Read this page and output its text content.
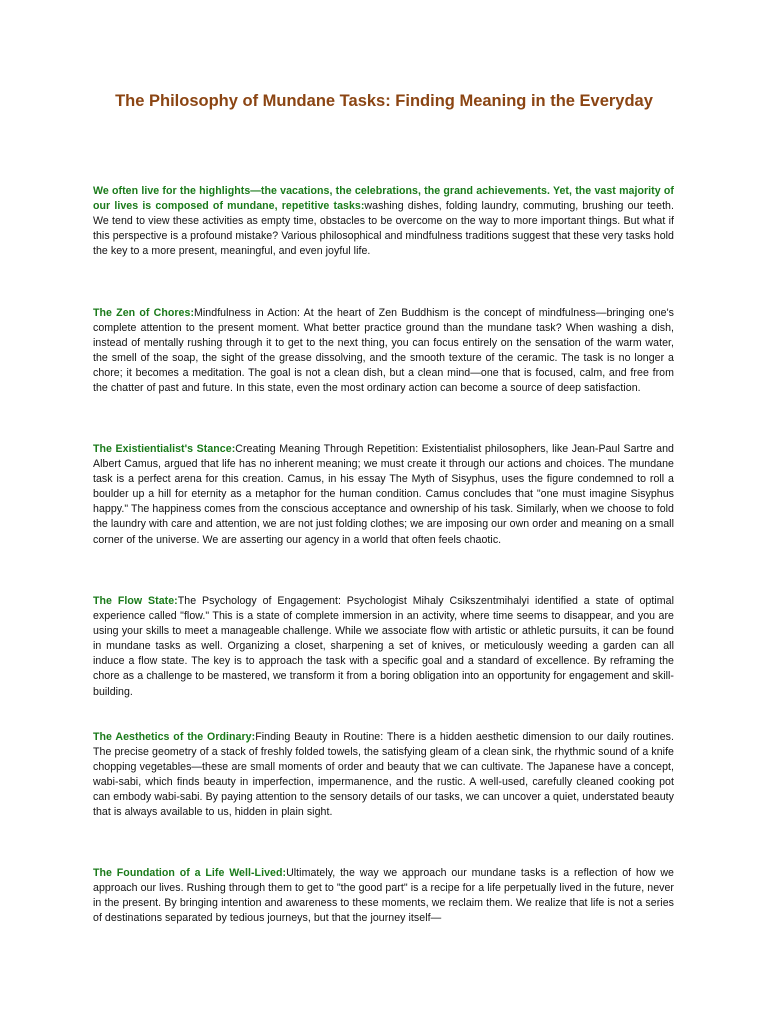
The Philosophy of Mundane Tasks: Finding Meaning in the Everyday

We often live for the highlights—the vacations, the celebrations, the grand achievements. Yet, the vast majority of our lives is composed of mundane, repetitive tasks:washing dishes, folding laundry, commuting, brushing our teeth. We tend to view these activities as empty time, obstacles to be overcome on the way to more important things. But what if this perspective is a profound mistake? Various philosophical and mindfulness traditions suggest that these very tasks hold the key to a more present, meaningful, and even joyful life.

The Zen of Chores:Mindfulness in Action: At the heart of Zen Buddhism is the concept of mindfulness—bringing one's complete attention to the present moment. What better practice ground than the mundane task? When washing a dish, instead of mentally rushing through it to get to the next thing, you can focus entirely on the sensation of the warm water, the smell of the soap, the sight of the grease dissolving, and the smooth texture of the ceramic. The task is no longer a chore; it becomes a meditation. The goal is not a clean dish, but a clean mind—one that is focused, calm, and free from the chatter of past and future. In this state, even the most ordinary action can become a source of deep satisfaction.

The Existientialist's Stance:Creating Meaning Through Repetition: Existentialist philosophers, like Jean-Paul Sartre and Albert Camus, argued that life has no inherent meaning; we must create it through our actions and choices. The mundane task is a perfect arena for this creation. Camus, in his essay The Myth of Sisyphus, uses the figure condemned to roll a boulder up a hill for eternity as a metaphor for the human condition. Camus concludes that "one must imagine Sisyphus happy." The happiness comes from the conscious acceptance and ownership of his task. Similarly, when we choose to fold the laundry with care and attention, we are not just folding clothes; we are imposing our own order and meaning on a small corner of the universe. We are asserting our agency in a world that often feels chaotic.

The Flow State:The Psychology of Engagement: Psychologist Mihaly Csikszentmihalyi identified a state of optimal experience called "flow." This is a state of complete immersion in an activity, where time seems to disappear, and you are using your skills to meet a manageable challenge. While we associate flow with artistic or athletic pursuits, it can be found in mundane tasks as well. Organizing a closet, sharpening a set of knives, or meticulously weeding a garden can all induce a flow state. The key is to approach the task with a specific goal and a standard of excellence. By reframing the chore as a challenge to be mastered, we transform it from a boring obligation into an opportunity for engagement and skill-building.

The Aesthetics of the Ordinary:Finding Beauty in Routine: There is a hidden aesthetic dimension to our daily routines. The precise geometry of a stack of freshly folded towels, the satisfying gleam of a clean sink, the rhythmic sound of a knife chopping vegetables—these are small moments of order and beauty that we can cultivate. The Japanese have a concept, wabi-sabi, which finds beauty in imperfection, impermanence, and the rustic. A well-used, carefully cleaned cooking pot can embody wabi-sabi. By paying attention to the sensory details of our tasks, we can uncover a quiet, understated beauty that is always available to us, hidden in plain sight.

The Foundation of a Life Well-Lived:Ultimately, the way we approach our mundane tasks is a reflection of how we approach our lives. Rushing through them to get to "the good part" is a recipe for a life perpetually lived in the future, never in the present. By bringing intention and awareness to these moments, we reclaim them. We realize that life is not a series of destinations separated by tedious journeys, but that the journey itself—
